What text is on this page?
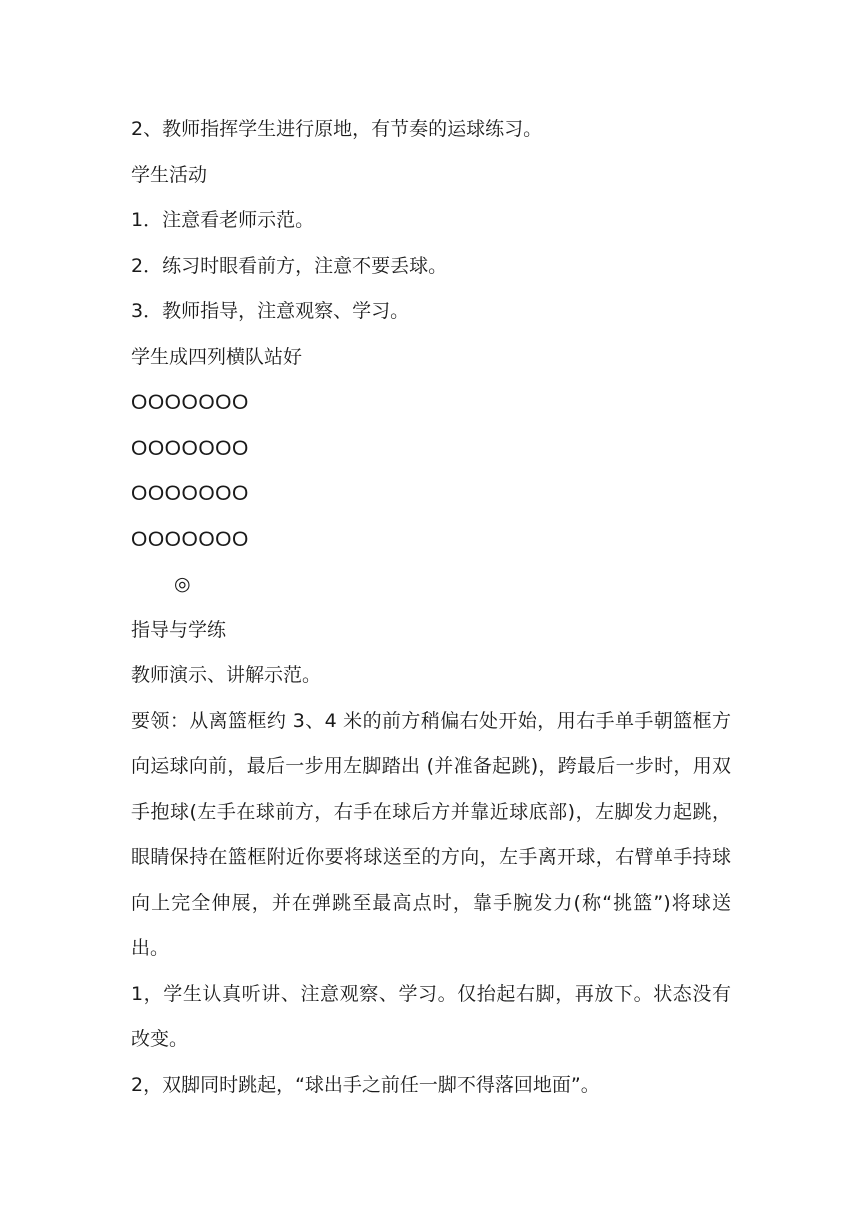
2、教师指挥学生进行原地，有节奏的运球练习。
学生活动
1．注意看老师示范。
2．练习时眼看前方，注意不要丢球。
3．教师指导，注意观察、学习。
学生成四列横队站好
OOOOOOO
OOOOOOO
OOOOOOO
OOOOOOO
◎
指导与学练
教师演示、讲解示范。
要领：从离篮框约 3、4 米的前方稍偏右处开始，用右手单手朝篮框方向运球向前，最后一步用左脚踏出 (并准备起跳)，跨最后一步时，用双手抱球(左手在球前方，右手在球后方并靠近球底部)，左脚发力起跳，眼睛保持在篮框附近你要将球送至的方向，左手离开球，右臂单手持球向上完全伸展，并在弹跳至最高点时，靠手腕发力(称“挑篮”)将球送出。
1，学生认真听讲、注意观察、学习。仅抬起右脚，再放下。状态没有改变。
2，双脚同时跳起，“球出手之前任一脚不得落回地面”。
